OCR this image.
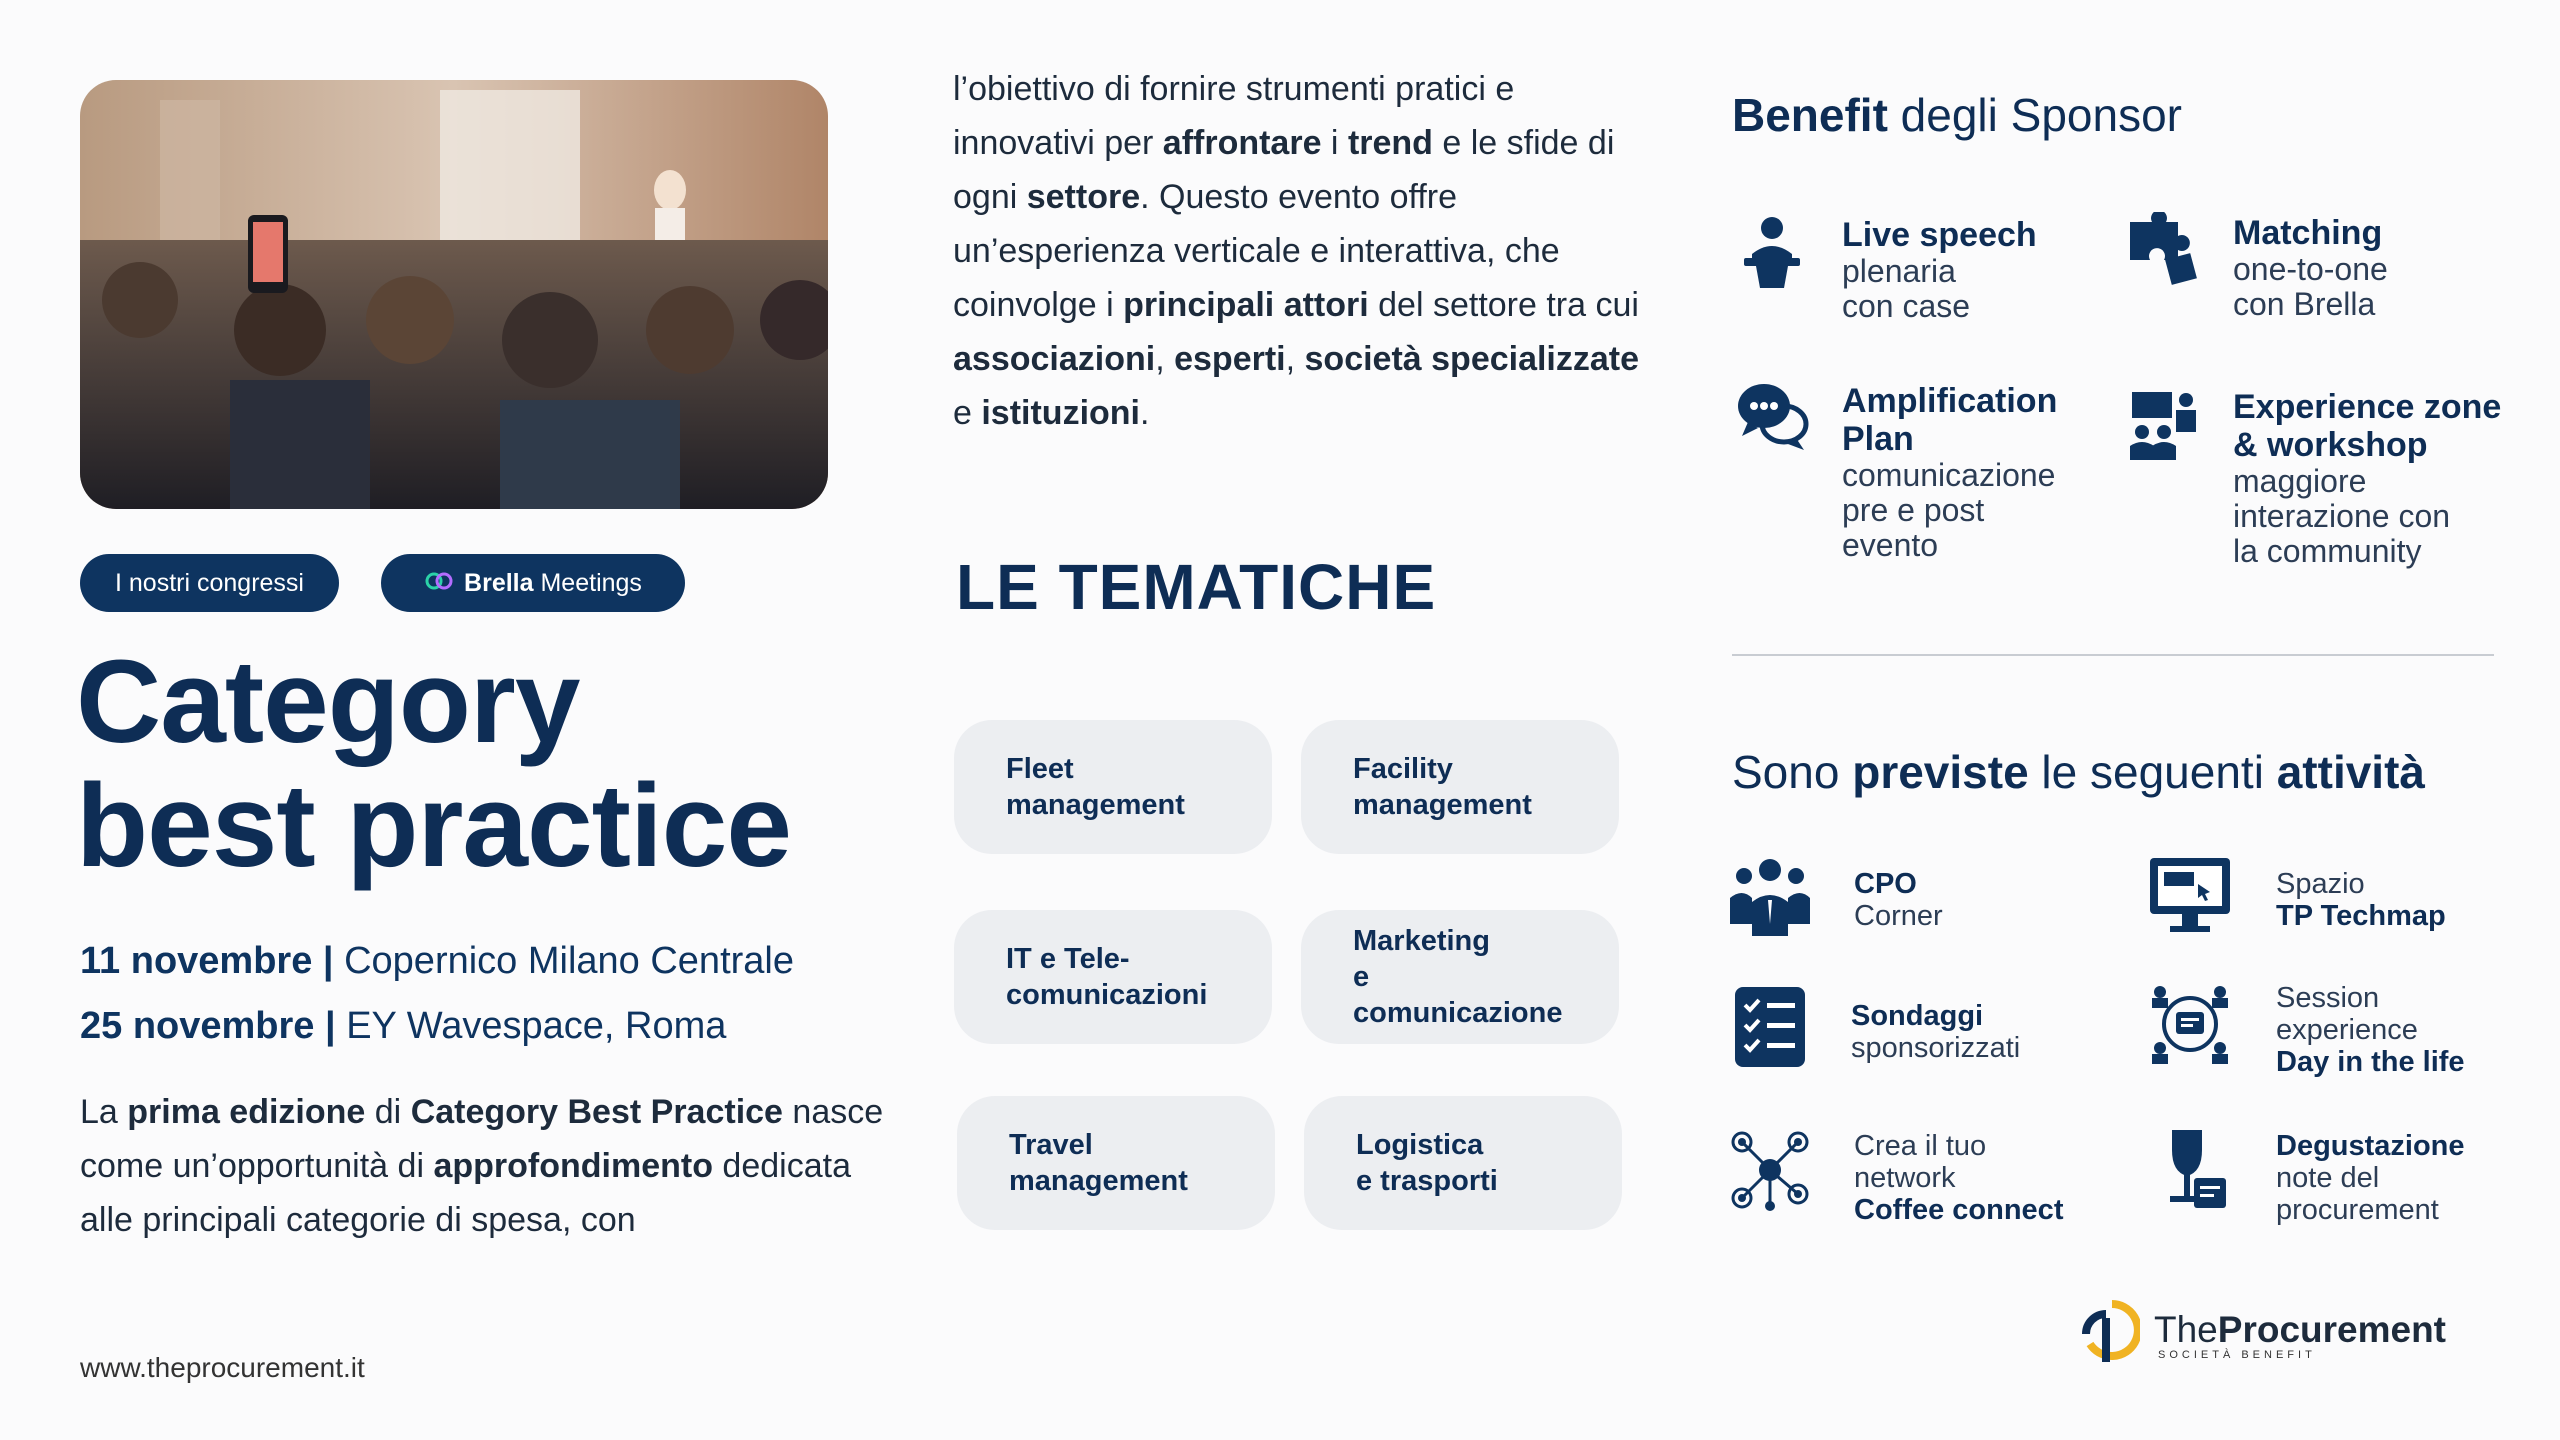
I nostri congressi	Brella Meetings
Category
best practice
11 novembre | Copernico Milano Centrale
25 novembre | EY Wavespace, Roma
La prima edizione di Category Best Practice nasce come un’opportunità di approfondimento dedicata alle principali categorie di spesa, con
www.theprocurement.it
l’obiettivo di fornire strumenti pratici e innovativi per affrontare i trend e le sfide di ogni settore. Questo evento offre un’esperienza verticale e interattiva, che coinvolge i principali attori del settore tra cui associazioni, esperti, società specializzate e istituzioni.
LE TEMATICHE
Fleet
management
Facility
management
IT e Tele-
comunicazioni
Marketing
e comunicazione
Travel
management
Logistica
e trasporti
Benefit degli Sponsor
Live speech
plenaria
con case
Matching
one-to-one
con Brella
Amplification
Plan
comunicazione
pre e post
evento
Experience zone
& workshop
maggiore
interazione con
la community
Sono previste le seguenti attività
CPO
Corner
Spazio
TP Techmap
Sondaggi
sponsorizzati
Session
experience
Day in the life
Crea il tuo
network
Coffee connect
Degustazione
note del
procurement
TheProcurement
SOCIETÀ BENEFIT
